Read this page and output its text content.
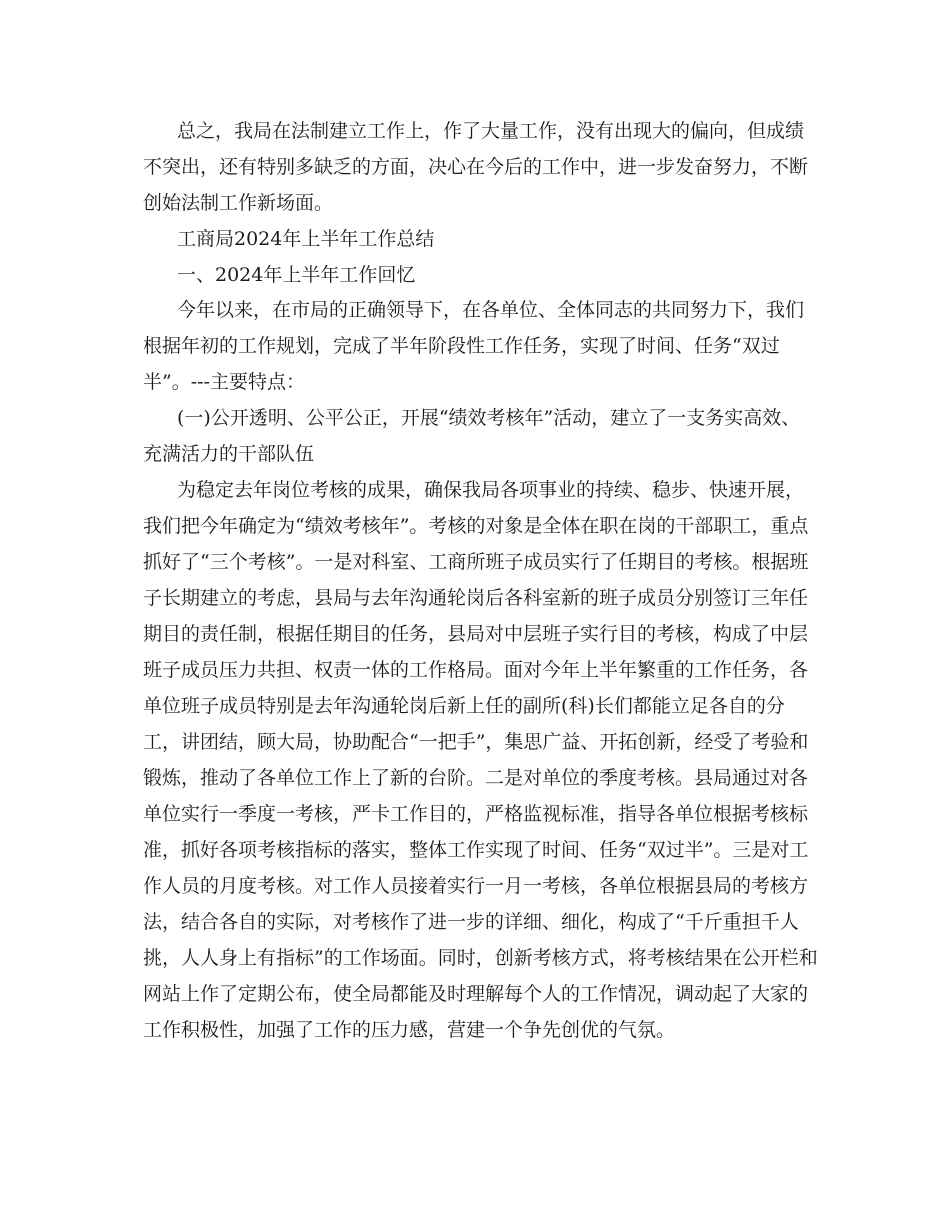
总之，我局在法制建立工作上，作了大量工作，没有出现大的偏向，但成绩
不突出，还有特别多缺乏的方面，决心在今后的工作中，进一步发奋努力，不断
创始法制工作新场面。
工商局2024年上半年工作总结
一、2024年上半年工作回忆
今年以来，在市局的正确领导下，在各单位、全体同志的共同努力下，我们
根据年初的工作规划，完成了半年阶段性工作任务，实现了时间、任务“双过
半”。---主要特点：
(一)公开透明、公平公正，开展“绩效考核年”活动，建立了一支务实高效、
充满活力的干部队伍
为稳定去年岗位考核的成果，确保我局各项事业的持续、稳步、快速开展，
我们把今年确定为“绩效考核年”。考核的对象是全体在职在岗的干部职工，重点
抓好了“三个考核”。一是对科室、工商所班子成员实行了任期目的考核。根据班
子长期建立的考虑，县局与去年沟通轮岗后各科室新的班子成员分别签订三年任
期目的责任制，根据任期目的任务，县局对中层班子实行目的考核，构成了中层
班子成员压力共担、权责一体的工作格局。面对今年上半年繁重的工作任务，各
单位班子成员特别是去年沟通轮岗后新上任的副所(科)长们都能立足各自的分
工，讲团结，顾大局，协助配合“一把手”，集思广益、开拓创新，经受了考验和
锻炼，推动了各单位工作上了新的台阶。二是对单位的季度考核。县局通过对各
单位实行一季度一考核，严卡工作目的，严格监视标准，指导各单位根据考核标
准，抓好各项考核指标的落实，整体工作实现了时间、任务“双过半”。三是对工
作人员的月度考核。对工作人员接着实行一月一考核，各单位根据县局的考核方
法，结合各自的实际，对考核作了进一步的详细、细化，构成了“千斤重担千人
挑，人人身上有指标”的工作场面。同时，创新考核方式，将考核结果在公开栏和
网站上作了定期公布，使全局都能及时理解每个人的工作情况，调动起了大家的
工作积极性，加强了工作的压力感，营建一个争先创优的气氛。
